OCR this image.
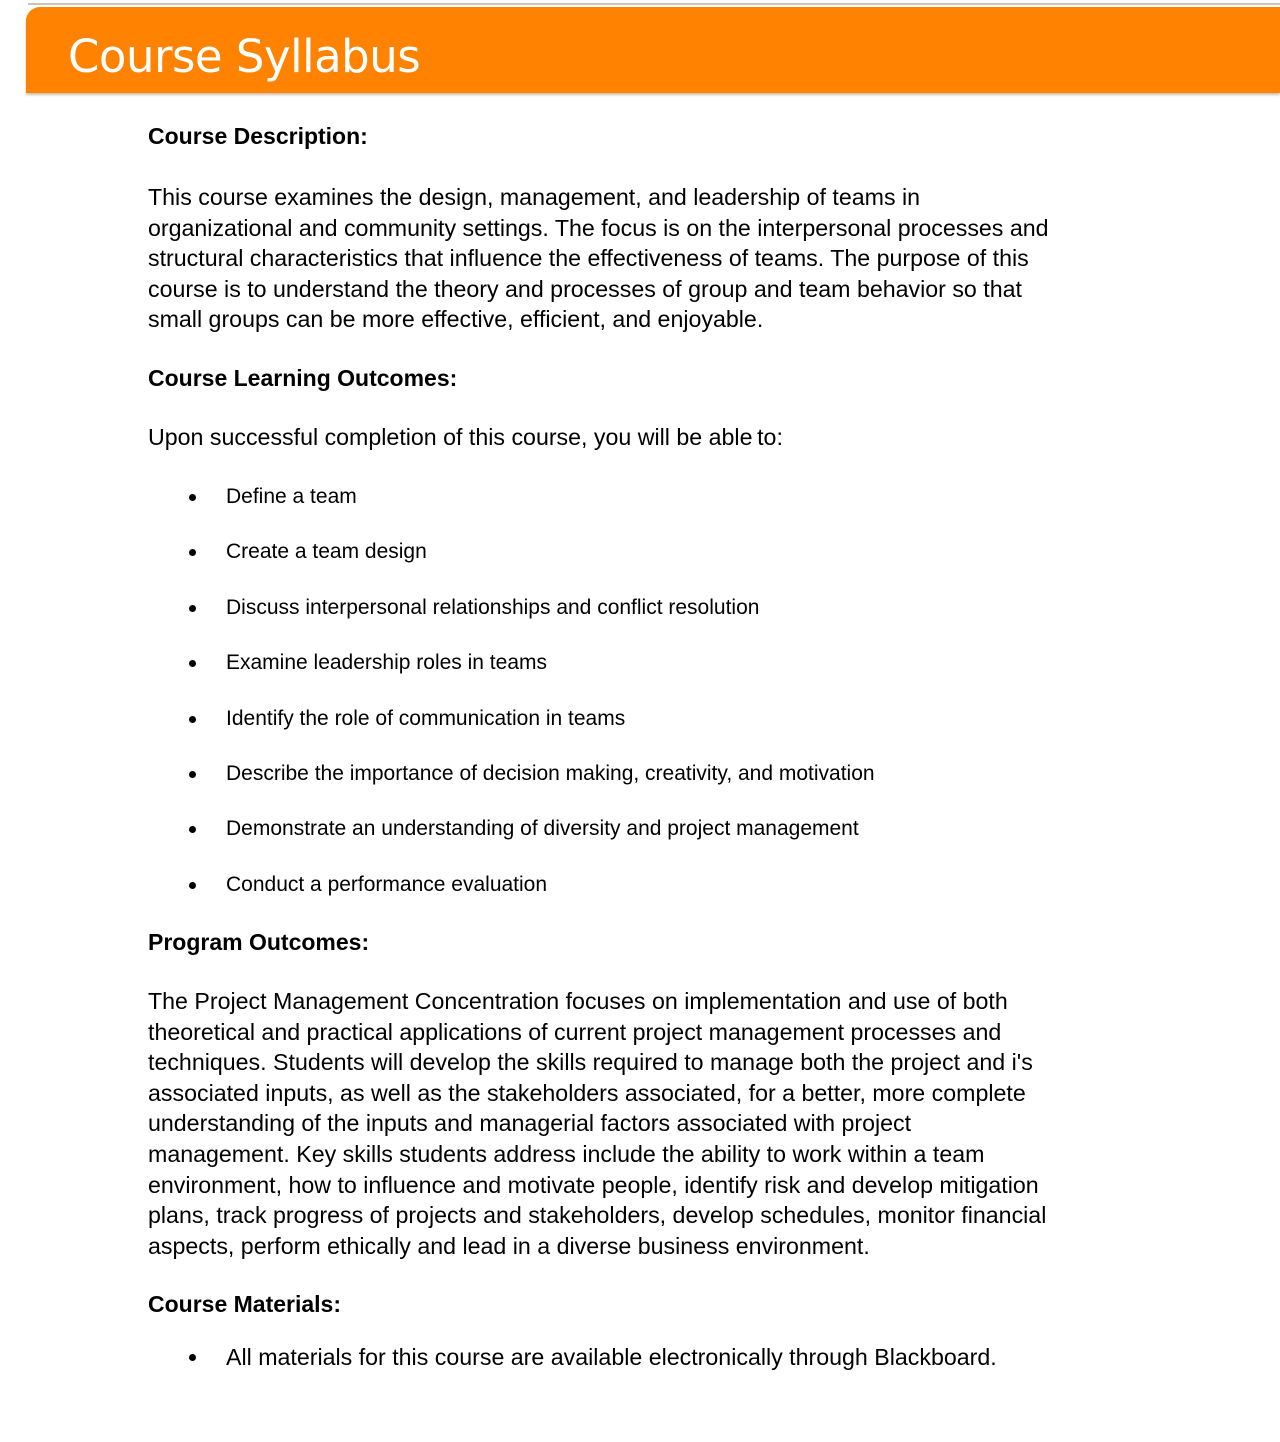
Course Syllabus
Course Description:
This course examines the design, management, and leadership of teams in
organizational and community settings. The focus is on the interpersonal processes and
structural characteristics that influence the effectiveness of teams. The purpose of this
course is to understand the theory and processes of group and team behavior so that
small groups can be more effective, efficient, and enjoyable.
Course Learning Outcomes:
Upon successful completion of this course, you will be able to:
Define a team
Create a team design
Discuss interpersonal relationships and conflict resolution
Examine leadership roles in teams
Identify the role of communication in teams
Describe the importance of decision making, creativity, and motivation
Demonstrate an understanding of diversity and project management
Conduct a performance evaluation
Program Outcomes:
The Project Management Concentration focuses on implementation and use of both
theoretical and practical applications of current project management processes and
techniques. Students will develop the skills required to manage both the project and i's
associated inputs, as well as the stakeholders associated, for a better, more complete
understanding of the inputs and managerial factors associated with project
management. Key skills students address include the ability to work within a team
environment, how to influence and motivate people, identify risk and develop mitigation
plans, track progress of projects and stakeholders, develop schedules, monitor financial
aspects, perform ethically and lead in a diverse business environment.
Course Materials:
All materials for this course are available electronically through Blackboard.
